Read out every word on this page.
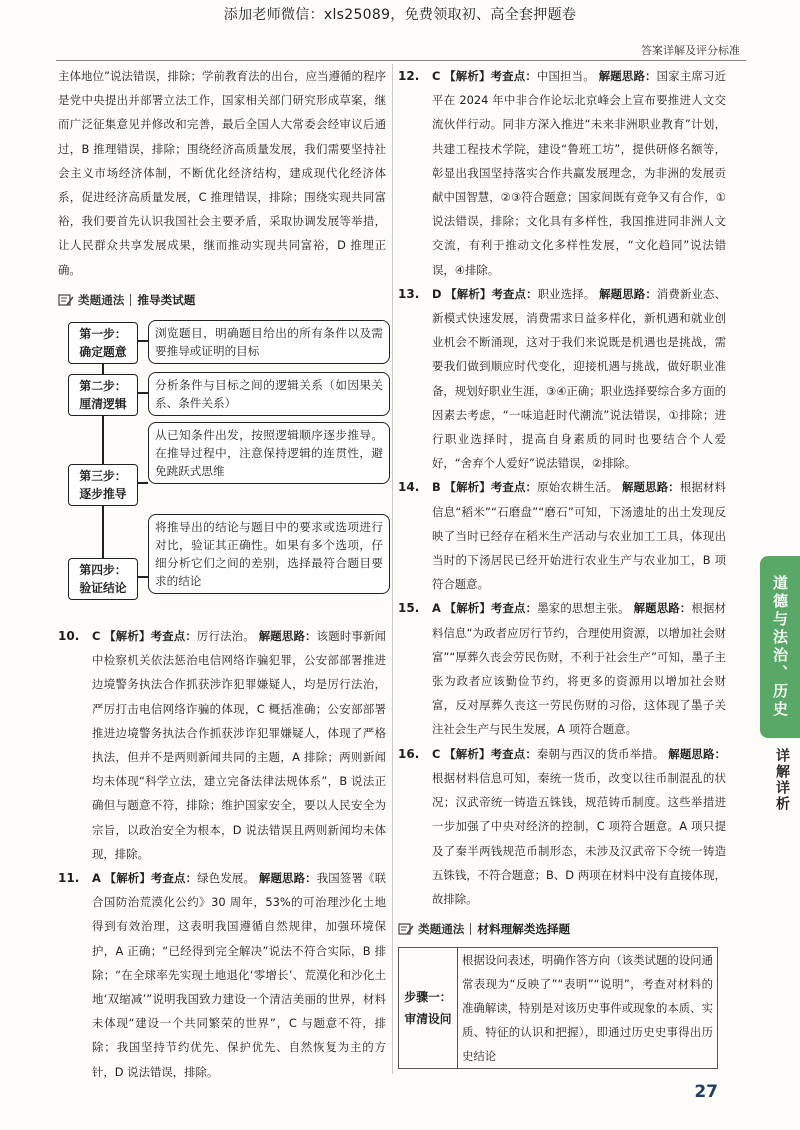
添加老师微信：xls25089，免费领取初、高全套押题卷
答案详解及评分标准

主体地位”说法错误，排除；学前教育法的出台，应当遵循的程序是党中央提出并部署立法工作，国家相关部门研究形成草案，继而广泛征集意见并修改和完善，最后全国人大常委会经审议后通过，B 推理错误，排除；围绕经济高质量发展，我们需要坚持社会主义市场经济体制，不断优化经济结构，建成现代化经济体系，促进经济高质量发展，C 推理错误，排除；围绕实现共同富裕，我们要首先认识我国社会主要矛盾，采取协调发展等举措，让人民群众共享发展成果，继而推动实现共同富裕，D 推理正确。

类题通法 推导类试题
第一步：
确定题意
浏览题目，明确题目给出的所有条件以及需要推导或证明的目标
第二步：
厘清逻辑
分析条件与目标之间的逻辑关系（如因果关系、条件关系）
第三步：
逐步推导
从已知条件出发，按照逻辑顺序逐步推导。在推导过程中，注意保持逻辑的连贯性，避免跳跃式思维
第四步：
验证结论
将推导出的结论与题目中的要求或选项进行对比，验证其正确性。如果有多个选项，仔细分析它们之间的差别，选择最符合题目要求的结论
10.	C 【解析】考查点：厉行法治。 解题思路：该题时事新闻中检察机关依法惩治电信网络诈骗犯罪，公安部部署推进边境警务执法合作抓获涉诈犯罪嫌疑人，均是厉行法治，严厉打击电信网络诈骗的体现，C 概括准确；公安部部署推进边境警务执法合作抓获涉诈犯罪嫌疑人，体现了严格执法，但并不是两则新闻共同的主题，A 排除；两则新闻均未体现“科学立法，建立完备法律法规体系”，B 说法正确但与题意不符，排除；维护国家安全，要以人民安全为宗旨，以政治安全为根本，D 说法错误且两则新闻均未体现，排除。
11.	A 【解析】考查点：绿色发展。 解题思路：我国签署《联合国防治荒漠化公约》30 周年，53%的可治理沙化土地得到有效治理，这表明我国遵循自然规律，加强环境保护，A 正确；“已经得到完全解决”说法不符合实际，B 排除；“在全球率先实现土地退化‘零增长’、荒漠化和沙化土地‘双缩减’”说明我国致力建设一个清洁美丽的世界，材料未体现“建设一个共同繁荣的世界”，C 与题意不符，排除；我国坚持节约优先、保护优先、自然恢复为主的方针，D 说法错误，排除。
12.	C 【解析】考查点：中国担当。 解题思路：国家主席习近平在 2024 年中非合作论坛北京峰会上宣布要推进人文交流伙伴行动。同非方深入推进“未来非洲职业教育”计划，共建工程技术学院，建设“鲁班工坊”，提供研修名额等，彰显出我国坚持落实合作共赢发展理念，为非洲的发展贡献中国智慧，②③符合题意；国家间既有竞争又有合作，①说法错误，排除；文化具有多样性，我国推进同非洲人文交流，有利于推动文化多样性发展，“文化趋同”说法错误，④排除。
13.	D 【解析】考查点：职业选择。 解题思路：消费新业态、新模式快速发展，消费需求日益多样化，新机遇和就业创业机会不断涌现，这对于我们来说既是机遇也是挑战，需要我们做到顺应时代变化，迎接机遇与挑战，做好职业准备，规划好职业生涯，③④正确；职业选择要综合多方面的因素去考虑，“一味追赶时代潮流”说法错误，①排除；进行职业选择时，提高自身素质的同时也要结合个人爱好，“舍弃个人爱好”说法错误，②排除。
14.	B 【解析】考查点：原始农耕生活。 解题思路：根据材料信息“稻米”“石磨盘”“磨石”可知，下汤遗址的出土发现反映了当时已经存在稻米生产活动与农业加工工具，体现出当时的下汤居民已经开始进行农业生产与农业加工，B 项符合题意。
15.	A 【解析】考查点：墨家的思想主张。 解题思路：根据材料信息“为政者应厉行节约，合理使用资源，以增加社会财富”“厚葬久丧会劳民伤财，不利于社会生产”可知，墨子主张为政者应该勤俭节约，将更多的资源用以增加社会财富，反对厚葬久丧这一劳民伤财的习俗，这体现了墨子关注社会生产与民生发展，A 项符合题意。
16.	C 【解析】考查点：秦朝与西汉的货币举措。 解题思路：根据材料信息可知，秦统一货币，改变以往币制混乱的状况；汉武帝统一铸造五铢钱，规范铸币制度。这些举措进一步加强了中央对经济的控制，C 项符合题意。A 项只提及了秦半两钱规范币制形态，未涉及汉武帝下令统一铸造五铢钱，不符合题意；B、D 两项在材料中没有直接体现，故排除。
类题通法 材料理解类选择题
步骤一：
审清设问
	根据设问表述，明确作答方向（该类试题的设问通常表现为“反映了”“表明”“说明”，考查对材料的准确解读，特别是对该历史事件或现象的本质、实质、特征的认识和把握），即通过历史史事得出历史结论
道德与法治、历史
详解详析
27
